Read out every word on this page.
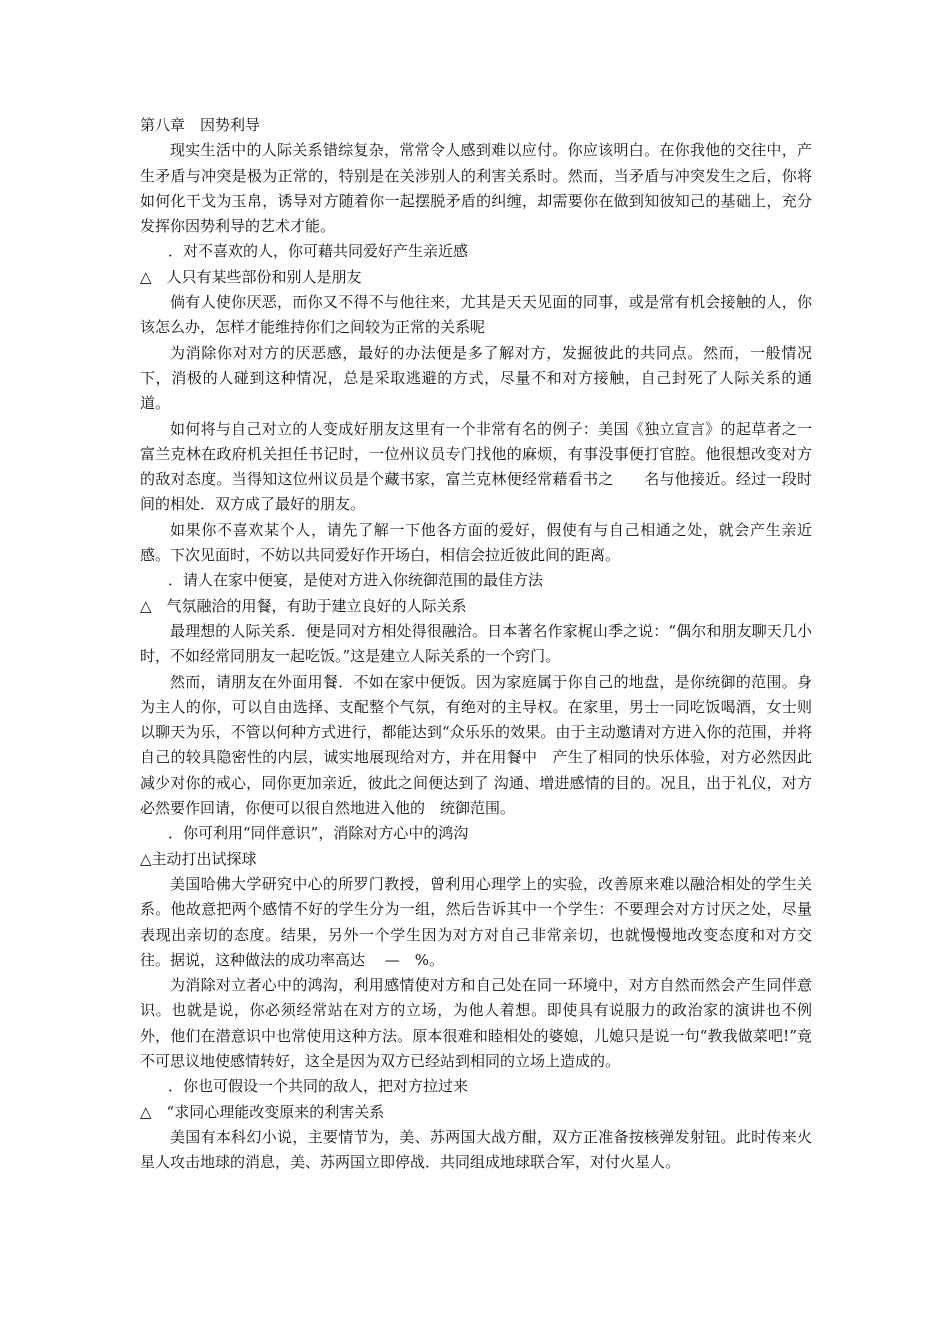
第八章　因势利导

现实生活中的人际关系错综复杂，常常令人感到难以应付。你应该明白。在你我他的交往中，产生矛盾与冲突是极为正常的，特别是在关涉别人的利害关系时。然而，当矛盾与冲突发生之后，你将如何化干戈为玉帛，诱导对方随着你一起摆脱矛盾的纠缠，却需要你在做到知彼知己的基础上，充分发挥你因势利导的艺术才能。

．对不喜欢的人，你可藉共同爱好产生亲近感

△　人只有某些部份和别人是朋友

倘有人使你厌恶，而你又不得不与他往来，尤其是天天见面的同事，或是常有机会接触的人，你该怎么办，怎样才能维持你们之间较为正常的关系呢

为消除你对对方的厌恶感，最好的办法便是多了解对方，发掘彼此的共同点。然而，一般情况下，消极的人碰到这种情况，总是采取逃避的方式，尽量不和对方接触，自己封死了人际关系的通道。

如何将与自己对立的人变成好朋友这里有一个非常有名的例子：美国《独立宣言》的起草者之一富兰克林在政府机关担任书记时，一位州议员专门找他的麻烦，有事没事便打官腔。他很想改变对方的敌对态度。当得知这位州议员是个藏书家，富兰克林便经常藉看书之　　名与他接近。经过一段时间的相处．双方成了最好的朋友。

如果你不喜欢某个人，请先了解一下他各方面的爱好，假使有与自己相通之处，就会产生亲近感。下次见面时，不妨以共同爱好作开场白，相信会拉近彼此间的距离。

．请人在家中便宴，是使对方进入你统御范围的最佳方法

△　气氛融洽的用餐，有助于建立良好的人际关系

最理想的人际关系．便是同对方相处得很融洽。日本著名作家梶山季之说：“偶尔和朋友聊天几小时，不如经常同朋友一起吃饭。”这是建立人际关系的一个窍门。

然而，请朋友在外面用餐．不如在家中便饭。因为家庭属于你自己的地盘，是你统御的范围。身为主人的你，可以自由选择、支配整个气氛，有绝对的主导权。在家里，男士一同吃饭喝酒，女士则以聊天为乐，不管以何种方式进行，都能达到“众乐乐的效果。由于主动邀请对方进入你的范围，并将自己的较具隐密性的内层，诚实地展现给对方，并在用餐中　产生了相同的快乐体验，对方必然因此减少对你的戒心，同你更加亲近，彼此之间便达到了 沟通、增进感情的目的。况且，出于礼仪，对方必然要作回请，你便可以很自然地进入他的　统御范围。

．你可利用“同伴意识”，消除对方心中的鸿沟

△主动打出试探球

美国哈佛大学研究中心的所罗门教授，曾利用心理学上的实验，改善原来难以融洽相处的学生关系。他故意把两个感情不好的学生分为一组，然后告诉其中一个学生：不要理会对方讨厌之处，尽量表现出亲切的态度。结果，另外一个学生因为对方对自己非常亲切，也就慢慢地改变态度和对方交往。据说，这种做法的成功率高达　 —　%。

为消除对立者心中的鸿沟，利用感情使对方和自己处在同一环境中，对方自然而然会产生同伴意识。也就是说，你必须经常站在对方的立场，为他人着想。即使具有说服力的政治家的演讲也不例外，他们在潜意识中也常使用这种方法。原本很难和睦相处的婆媳，儿媳只是说一句“教我做菜吧!”竟不可思议地使感情转好，这全是因为双方已经站到相同的立场上造成的。

．你也可假设一个共同的敌人，把对方拉过来

△　“求同心理能改变原来的利害关系

美国有本科幻小说，主要情节为，美、苏两国大战方酣，双方正准备按核弹发射钮。此时传来火星人攻击地球的消息，美、苏两国立即停战．共同组成地球联合军，对付火星人。
